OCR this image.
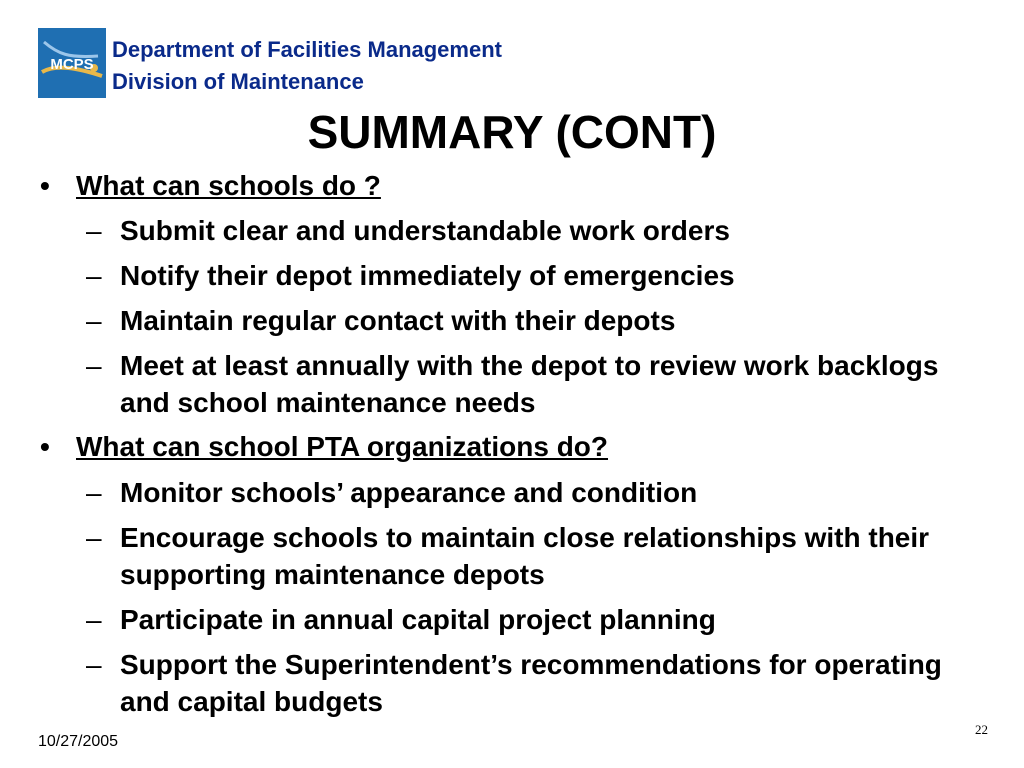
MCPS
Department of Facilities Management
Division of Maintenance
SUMMARY (CONT)
• What can schools do ?
– Submit clear and understandable work orders
– Notify their depot immediately of emergencies
– Maintain regular contact with their depots
– Meet at least annually with the depot to review work backlogs and school maintenance needs
• What can school PTA organizations do?
– Monitor schools’ appearance and condition
– Encourage schools to maintain close relationships with their supporting maintenance depots
– Participate in annual capital project planning
– Support the Superintendent’s recommendations for operating and capital budgets
10/27/2005
22
